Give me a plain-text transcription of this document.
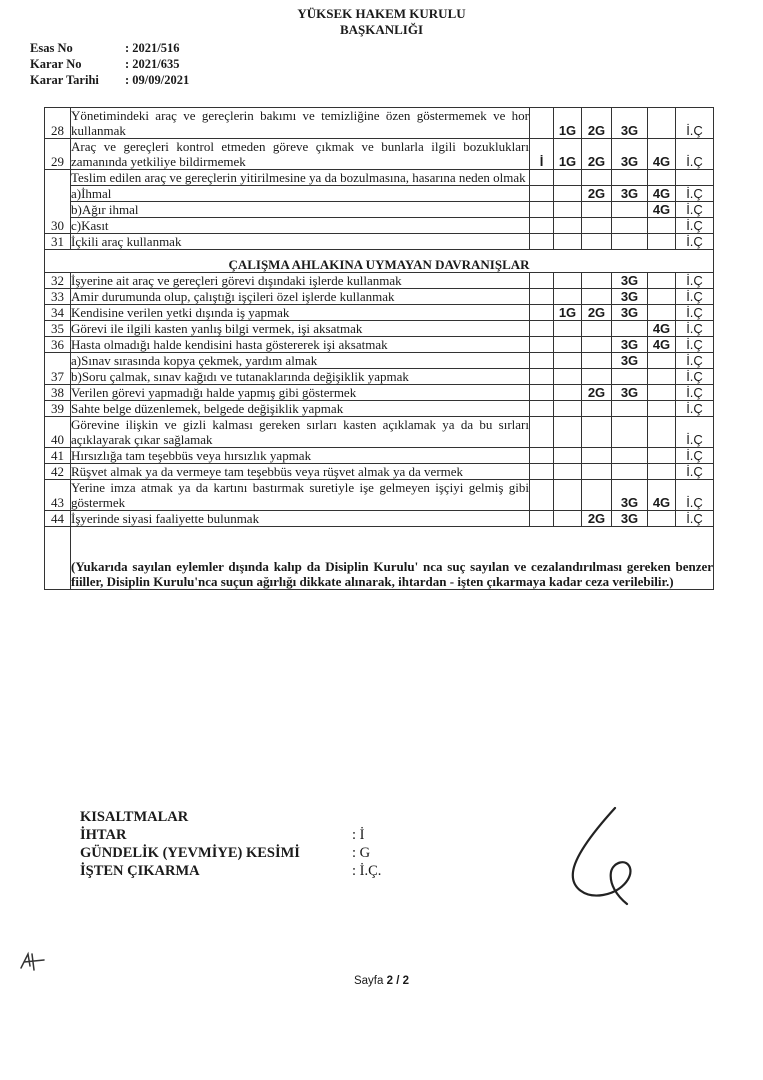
YÜKSEK HAKEM KURULU
BAŞKANLIĞI
Esas No	: 2021/516
Karar No	: 2021/635
Karar Tarihi	: 09/09/2021
28	Yönetimindeki araç ve gereçlerin bakımı ve temizliğine özen göstermemek ve hor kullanmak		1G	2G	3G		İ.Ç
29	Araç ve gereçleri kontrol etmeden göreve çıkmak ve bunlarla ilgili bozuklukları zamanında yetkiliye bildirmemek	İ	1G	2G	3G	4G	İ.Ç
30	Teslim edilen araç ve gereçlerin yitirilmesine ya da bozulmasına, hasarına neden olmak						
	a)İhmal			2G	3G	4G	İ.Ç
	b)Ağır ihmal					4G	İ.Ç
	c)Kasıt						İ.Ç
31	İçkili araç kullanmak						İ.Ç
ÇALIŞMA AHLAKINA UYMAYAN DAVRANIŞLAR							
32	İşyerine ait araç ve gereçleri görevi dışındaki işlerde kullanmak				3G		İ.Ç
33	Amir durumunda olup, çalıştığı işçileri özel işlerde kullanmak				3G		İ.Ç
34	Kendisine verilen yetki dışında iş yapmak		1G	2G	3G		İ.Ç
35	Görevi ile ilgili kasten yanlış bilgi vermek, işi aksatmak					4G	İ.Ç
36	Hasta olmadığı halde kendisini hasta göstererek işi aksatmak				3G	4G	İ.Ç
37	a)Sınav sırasında kopya çekmek, yardım almak				3G		İ.Ç
	b)Soru çalmak, sınav kağıdı ve tutanaklarında değişiklik yapmak						İ.Ç
38	Verilen görevi yapmadığı halde yapmış gibi göstermek			2G	3G		İ.Ç
39	Sahte belge düzenlemek, belgede değişiklik yapmak						İ.Ç
40	Görevine ilişkin ve gizli kalması gereken sırları kasten açıklamak ya da bu sırları açıklayarak çıkar sağlamak						İ.Ç
41	Hırsızlığa tam teşebbüs veya hırsızlık yapmak						İ.Ç
42	Rüşvet almak ya da vermeye tam teşebbüs veya rüşvet almak ya da vermek						İ.Ç
43	Yerine imza atmak ya da kartını bastırmak suretiyle işe gelmeyen işçiyi gelmiş gibi göstermek				3G	4G	İ.Ç
44	İşyerinde siyasi faaliyette bulunmak			2G	3G		İ.Ç
	(Yukarıda sayılan eylemler dışında kalıp da Disiplin Kurulu' nca suç sayılan ve cezalandırılması gereken benzer fiiller, Disiplin Kurulu'nca suçun ağırlığı dikkate alınarak, ihtardan - işten çıkarmaya kadar ceza verilebilir.)						
KISALTMALAR
İHTAR	: İ
GÜNDELİK (YEVMİYE) KESİMİ	: G
İŞTEN ÇIKARMA	: İ.Ç.
Sayfa 2 / 2
